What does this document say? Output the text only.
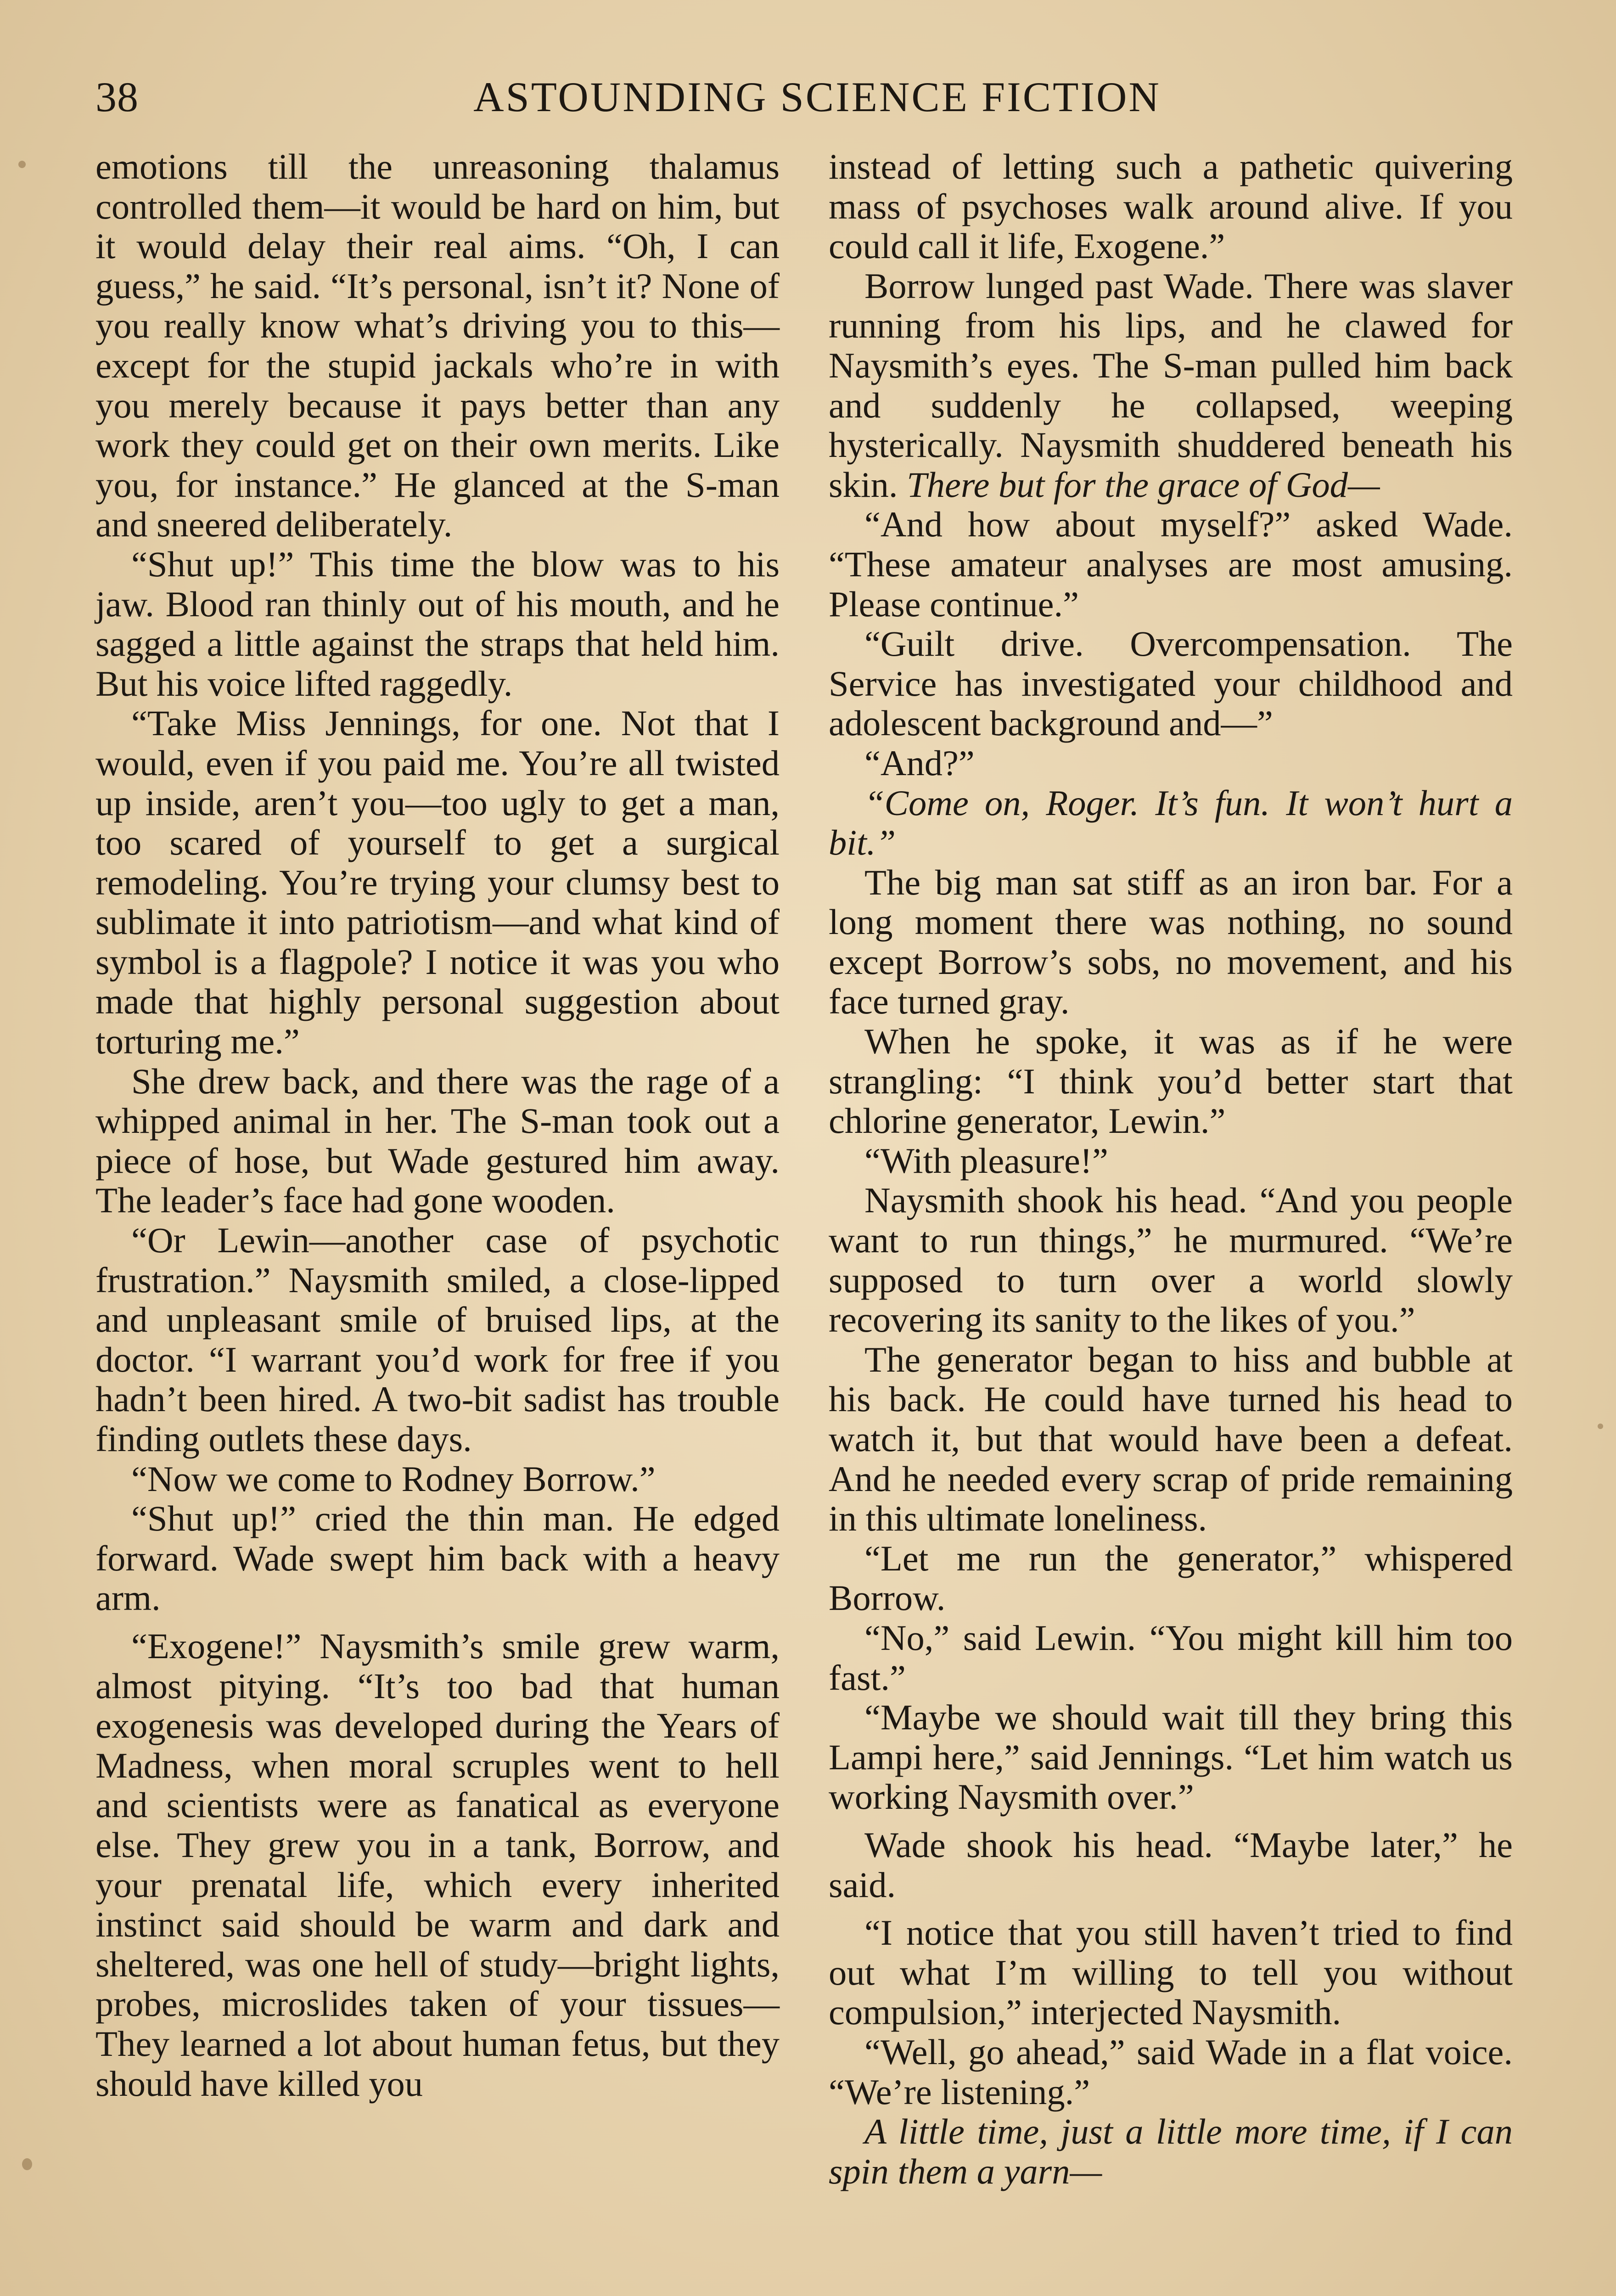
38	ASTOUNDING SCIENCE FICTION

emotions till the unreasoning thalamus controlled them—it would be hard on him, but it would delay their real aims. “Oh, I can guess,” he said. “It’s personal, isn’t it? None of you really know what’s driving you to this—except for the stupid jackals who’re in with you merely because it pays better than any work they could get on their own merits. Like you, for instance.” He glanced at the S-man and sneered deliberately.

“Shut up!” This time the blow was to his jaw. Blood ran thinly out of his mouth, and he sagged a little against the straps that held him. But his voice lifted raggedly.

“Take Miss Jennings, for one. Not that I would, even if you paid me. You’re all twisted up inside, aren’t you—too ugly to get a man, too scared of yourself to get a surgical remodeling. You’re trying your clumsy best to sublimate it into patriotism—and what kind of symbol is a flagpole? I notice it was you who made that highly personal suggestion about torturing me.”

She drew back, and there was the rage of a whipped animal in her. The S-man took out a piece of hose, but Wade gestured him away. The leader’s face had gone wooden.

“Or Lewin—another case of psychotic frustration.” Naysmith smiled, a close-lipped and unpleasant smile of bruised lips, at the doctor. “I warrant you’d work for free if you hadn’t been hired. A two-bit sadist has trouble finding outlets these days.

“Now we come to Rodney Borrow.”

“Shut up!” cried the thin man. He edged forward. Wade swept him back with a heavy arm.

“Exogene!” Naysmith’s smile grew warm, almost pitying. “It’s too bad that human exogenesis was developed during the Years of Madness, when moral scruples went to hell and scientists were as fanatical as everyone else. They grew you in a tank, Borrow, and your prenatal life, which every inherited instinct said should be warm and dark and sheltered, was one hell of study—bright lights, probes, microslides taken of your tissues— They learned a lot about human fetus, but they should have killed you

instead of letting such a pathetic quivering mass of psychoses walk around alive. If you could call it life, Exogene.”

Borrow lunged past Wade. There was slaver running from his lips, and he clawed for Naysmith’s eyes. The S-man pulled him back and suddenly he collapsed, weeping hysterically. Naysmith shuddered beneath his skin. There but for the grace of God—

“And how about myself?” asked Wade. “These amateur analyses are most amusing. Please continue.”

“Guilt drive. Overcompensation. The Service has investigated your childhood and adolescent background and—”

“And?”

“Come on, Roger. It’s fun. It won’t hurt a bit.”

The big man sat stiff as an iron bar. For a long moment there was nothing, no sound except Borrow’s sobs, no movement, and his face turned gray.

When he spoke, it was as if he were strangling: “I think you’d better start that chlorine generator, Lewin.”

“With pleasure!”

Naysmith shook his head. “And you people want to run things,” he murmured. “We’re supposed to turn over a world slowly recovering its sanity to the likes of you.”

The generator began to hiss and bubble at his back. He could have turned his head to watch it, but that would have been a defeat. And he needed every scrap of pride remaining in this ultimate loneliness.

“Let me run the generator,” whispered Borrow.

“No,” said Lewin. “You might kill him too fast.”

“Maybe we should wait till they bring this Lampi here,” said Jennings. “Let him watch us working Naysmith over.”

Wade shook his head. “Maybe later,” he said.

“I notice that you still haven’t tried to find out what I’m willing to tell you without compulsion,” interjected Naysmith.

“Well, go ahead,” said Wade in a flat voice. “We’re listening.”

A little time, just a little more time, if I can spin them a yarn—
